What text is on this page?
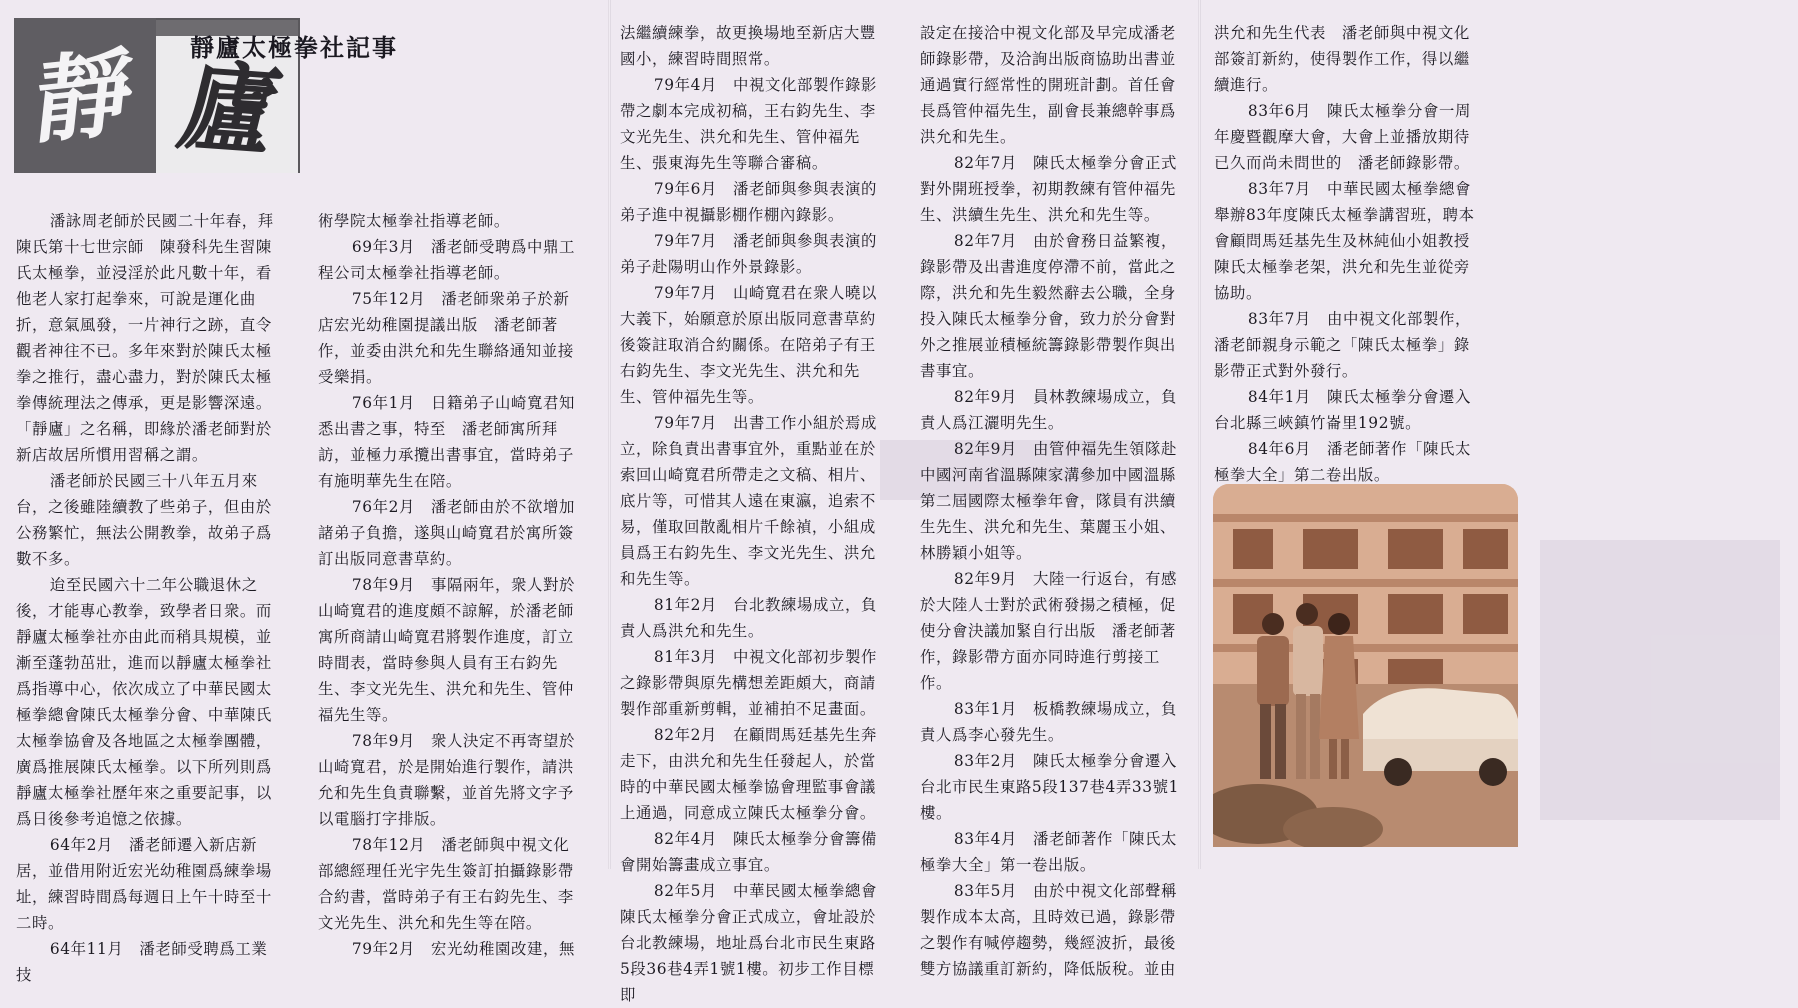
靜 廬
靜廬太極拳社記事

潘詠周老師於民國二十年春，拜陳氏第十七世宗師　陳發科先生習陳氏太極拳，並浸淫於此凡數十年，看他老人家打起拳來，可說是運化曲折，意氣風發，一片神行之跡，直令觀者神往不已。多年來對於陳氏太極拳之推行，盡心盡力，對於陳氏太極拳傳統理法之傳承，更是影響深遠。「靜廬」之名稱，即緣於潘老師對於新店故居所慣用習稱之謂。

潘老師於民國三十八年五月來台，之後雖陸續教了些弟子，但由於公務繁忙，無法公開教拳，故弟子爲數不多。

迨至民國六十二年公職退休之後，才能專心教拳，致學者日衆。而靜廬太極拳社亦由此而稍具規模，並漸至蓬勃茁壯，進而以靜廬太極拳社爲指導中心，依次成立了中華民國太極拳總會陳氏太極拳分會、中華陳氏太極拳協會及各地區之太極拳團體，廣爲推展陳氏太極拳。以下所列則爲靜廬太極拳社歷年來之重要記事，以爲日後參考追憶之依據。

64年2月　潘老師遷入新店新居，並借用附近宏光幼稚園爲練拳場址，練習時間爲每週日上午十時至十二時。

64年11月　潘老師受聘爲工業技

術學院太極拳社指導老師。

69年3月　潘老師受聘爲中鼎工程公司太極拳社指導老師。

75年12月　潘老師衆弟子於新店宏光幼稚園提議出版　潘老師著作，並委由洪允和先生聯絡通知並接受樂捐。

76年1月　日籍弟子山崎寬君知悉出書之事，特至　潘老師寓所拜訪，並極力承攬出書事宜，當時弟子有施明華先生在陪。

76年2月　潘老師由於不欲增加諸弟子負擔，遂與山崎寬君於寓所簽訂出版同意書草約。

78年9月　事隔兩年，衆人對於山崎寬君的進度頗不諒解，於潘老師寓所商請山崎寬君將製作進度，訂立時間表，當時參與人員有王右鈞先生、李文光先生、洪允和先生、管仲福先生等。

78年9月　衆人決定不再寄望於山崎寬君，於是開始進行製作，請洪允和先生負責聯繫，並首先將文字予以電腦打字排版。

78年12月　潘老師與中視文化部總經理任光宇先生簽訂拍攝錄影帶合約書，當時弟子有王右鈞先生、李文光先生、洪允和先生等在陪。

79年2月　宏光幼稚園改建，無

法繼續練拳，故更換場地至新店大豐國小，練習時間照常。

79年4月　中視文化部製作錄影帶之劇本完成初稿，王右鈞先生、李文光先生、洪允和先生、管仲福先生、張東海先生等聯合審稿。

79年6月　潘老師與參與表演的弟子進中視攝影棚作棚內錄影。

79年7月　潘老師與參與表演的弟子赴陽明山作外景錄影。

79年7月　山崎寬君在衆人曉以大義下，始願意於原出版同意書草約後簽註取消合約關係。在陪弟子有王右鈞先生、李文光先生、洪允和先生、管仲福先生等。

79年7月　出書工作小組於焉成立，除負責出書事宜外，重點並在於索回山崎寬君所帶走之文稿、相片、底片等，可惜其人遠在東瀛，追索不易，僅取回散亂相片千餘禎，小組成員爲王右鈞先生、李文光先生、洪允和先生等。

81年2月　台北教練場成立，負責人爲洪允和先生。

81年3月　中視文化部初步製作之錄影帶與原先構想差距頗大，商請製作部重新剪輯，並補拍不足畫面。

82年2月　在顧問馬廷基先生奔走下，由洪允和先生任發起人，於當時的中華民國太極拳協會理監事會議上通過，同意成立陳氏太極拳分會。

82年4月　陳氏太極拳分會籌備會開始籌畫成立事宜。

82年5月　中華民國太極拳總會陳氏太極拳分會正式成立，會址設於台北教練場，地址爲台北市民生東路5段36巷4弄1號1樓。初步工作目標即

設定在接洽中視文化部及早完成潘老師錄影帶，及洽詢出版商協助出書並通過實行經常性的開班計劃。首任會長爲管仲福先生，副會長兼總幹事爲洪允和先生。

82年7月　陳氏太極拳分會正式對外開班授拳，初期教練有管仲福先生、洪續生先生、洪允和先生等。

82年7月　由於會務日益繁複，錄影帶及出書進度停滯不前，當此之際，洪允和先生毅然辭去公職，全身投入陳氏太極拳分會，致力於分會對外之推展並積極統籌錄影帶製作與出書事宜。

82年9月　員林教練場成立，負責人爲江灑明先生。

82年9月　由管仲福先生領隊赴中國河南省溫縣陳家溝參加中國溫縣第二屆國際太極拳年會，隊員有洪續生先生、洪允和先生、葉麗玉小姐、林勝穎小姐等。

82年9月　大陸一行返台，有感於大陸人士對於武術發揚之積極，促使分會決議加緊自行出版　潘老師著作，錄影帶方面亦同時進行剪接工作。

83年1月　板橋教練場成立，負責人爲李心發先生。

83年2月　陳氏太極拳分會遷入台北市民生東路5段137巷4弄33號1樓。

83年4月　潘老師著作「陳氏太極拳大全」第一卷出版。

83年5月　由於中視文化部聲稱製作成本太高，且時效已過，錄影帶之製作有喊停趨勢，幾經波折，最後雙方協議重訂新約，降低版稅。並由

洪允和先生代表　潘老師與中視文化部簽訂新約，使得製作工作，得以繼續進行。

83年6月　陳氏太極拳分會一周年慶暨觀摩大會，大會上並播放期待已久而尚未問世的　潘老師錄影帶。

83年7月　中華民國太極拳總會舉辦83年度陳氏太極拳講習班，聘本會顧問馬廷基先生及林純仙小姐教授陳氏太極拳老架，洪允和先生並從旁協助。

83年7月　由中視文化部製作，潘老師親身示範之「陳氏太極拳」錄影帶正式對外發行。

84年1月　陳氏太極拳分會遷入台北縣三峽鎮竹崙里192號。

84年6月　潘老師著作「陳氏太極拳大全」第二卷出版。
